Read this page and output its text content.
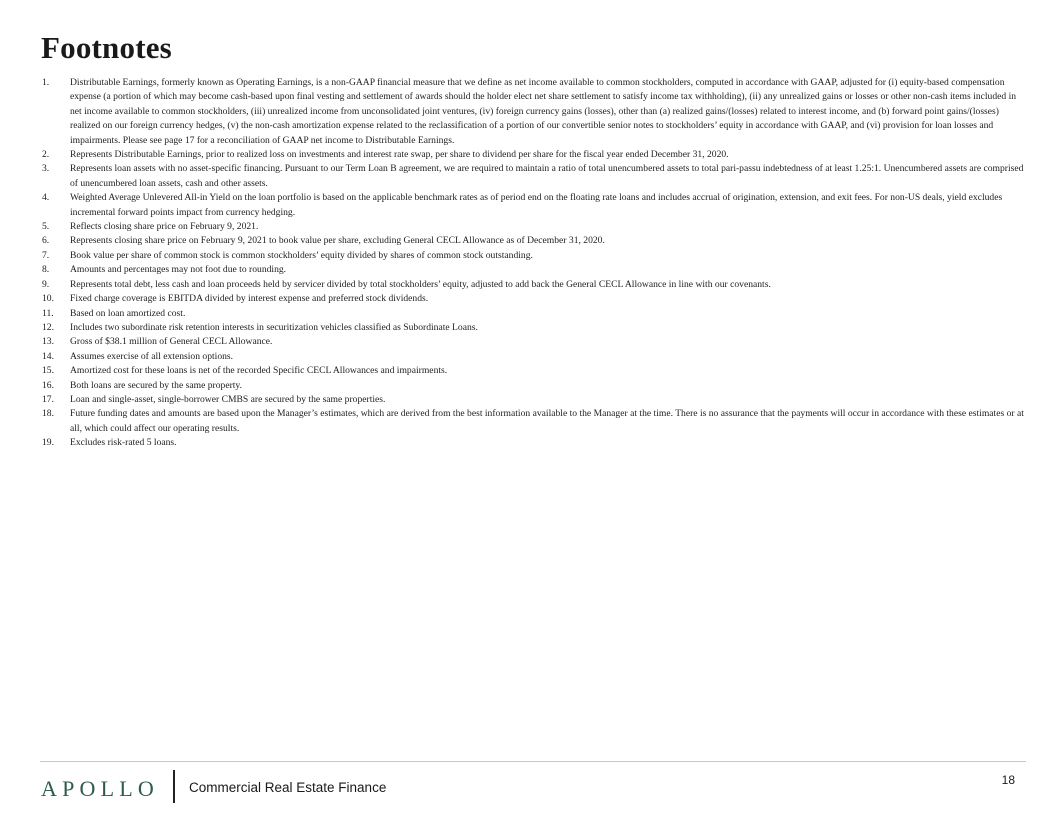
Footnotes
1.	Distributable Earnings, formerly known as Operating Earnings, is a non-GAAP financial measure that we define as net income available to common stockholders, computed in accordance with GAAP, adjusted for (i) equity-based compensation expense (a portion of which may become cash-based upon final vesting and settlement of awards should the holder elect net share settlement to satisfy income tax withholding), (ii) any unrealized gains or losses or other non-cash items included in net income available to common stockholders, (iii) unrealized income from unconsolidated joint ventures, (iv) foreign currency gains (losses), other than (a) realized gains/(losses) related to interest income, and (b) forward point gains/(losses) realized on our foreign currency hedges, (v) the non-cash amortization expense related to the reclassification of a portion of our convertible senior notes to stockholders’ equity in accordance with GAAP, and (vi) provision for loan losses and impairments. Please see page 17 for a reconciliation of GAAP net income to Distributable Earnings.
2.	Represents Distributable Earnings, prior to realized loss on investments and interest rate swap, per share to dividend per share for the fiscal year ended December 31, 2020.
3.	Represents loan assets with no asset-specific financing. Pursuant to our Term Loan B agreement, we are required to maintain a ratio of total unencumbered assets to total pari-passu indebtedness of at least 1.25:1. Unencumbered assets are comprised of unencumbered loan assets, cash and other assets.
4.	Weighted Average Unlevered All-in Yield on the loan portfolio is based on the applicable benchmark rates as of period end on the floating rate loans and includes accrual of origination, extension, and exit fees. For non-US deals, yield excludes incremental forward points impact from currency hedging.
5.	Reflects closing share price on February 9, 2021.
6.	Represents closing share price on February 9, 2021 to book value per share, excluding General CECL Allowance as of December 31, 2020.
7.	Book value per share of common stock is common stockholders’ equity divided by shares of common stock outstanding.
8.	Amounts and percentages may not foot due to rounding.
9.	Represents total debt, less cash and loan proceeds held by servicer divided by total stockholders’ equity, adjusted to add back the General CECL Allowance in line with our covenants.
10.	Fixed charge coverage is EBITDA divided by interest expense and preferred stock dividends.
11.	Based on loan amortized cost.
12.	Includes two subordinate risk retention interests in securitization vehicles classified as Subordinate Loans.
13.	Gross of $38.1 million of General CECL Allowance.
14.	Assumes exercise of all extension options.
15.	Amortized cost for these loans is net of the recorded Specific CECL Allowances and impairments.
16.	Both loans are secured by the same property.
17.	Loan and single-asset, single-borrower CMBS are secured by the same properties.
18.	Future funding dates and amounts are based upon the Manager’s estimates, which are derived from the best information available to the Manager at the time. There is no assurance that the payments will occur in accordance with these estimates or at all, which could affect our operating results.
19.	Excludes risk-rated 5 loans.
APOLLO Commercial Real Estate Finance	18
